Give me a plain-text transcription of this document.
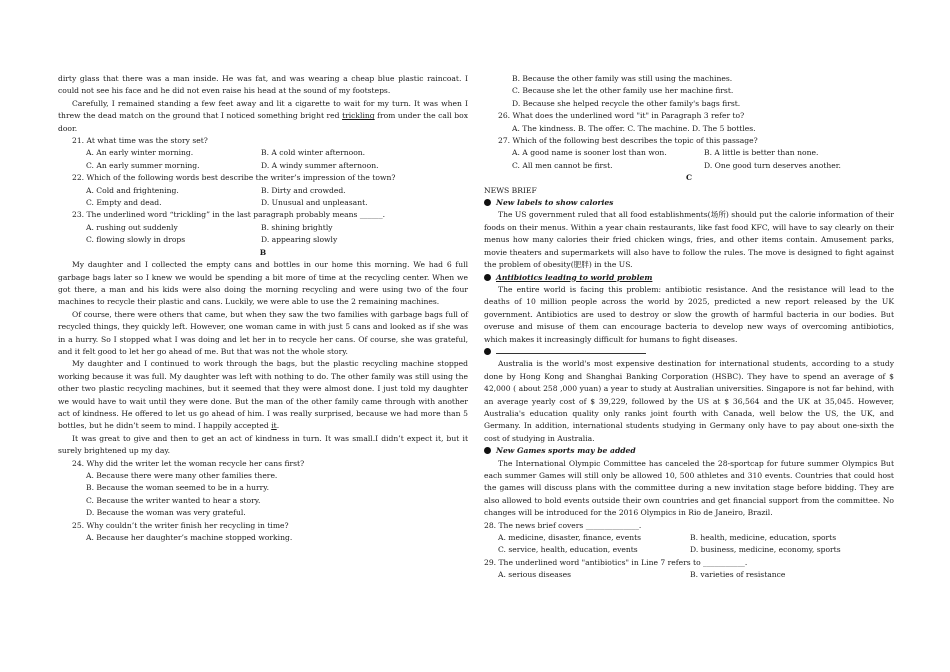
dirty glass that there was a man inside. He was fat, and was wearing a cheap blue plastic raincoat. I could not see his face and he did not even raise his head at the sound of my footsteps.

Carefully, I remained standing a few feet away and lit a cigarette to wait for my turn. It was when I threw the dead match on the ground that I noticed something bright red trickling from under the call box door.

21. At what time was the story set?

A. An early winter morning.	B. A cold winter afternoon.
C. An early summer morning.	D. A windy summer afternoon.

22. Which of the following words best describe the writer’s impression of the town?

A. Cold and frightening.	B. Dirty and crowded.
C. Empty and dead.	D. Unusual and unpleasant.

23. The underlined word “trickling” in the last paragraph probably means ______.

A. rushing out suddenly	B. shining brightly
C. flowing slowly in drops	D. appearing slowly

B

My daughter and I collected the empty cans and bottles in our home this morning. We had 6 full garbage bags later so I knew we would be spending a bit more of time at the recycling center. When we got there, a man and his kids were also doing the morning recycling and were using two of the four machines to recycle their plastic and cans. Luckily, we were able to use the 2 remaining machines.

Of course, there were others that came, but when they saw the two families with garbage bags full of recycled things, they quickly left. However, one woman came in with just 5 cans and looked as if she was in a hurry. So I stopped what I was doing and let her in to recycle her cans. Of course, she was grateful, and it felt good to let her go ahead of me. But that was not the whole story.

My daughter and I continued to work through the bags, but the plastic recycling machine stopped working because it was full. My daughter was left with nothing to do. The other family was still using the other two plastic recycling machines, but it seemed that they were almost done. I just told my daughter we would have to wait until they were done. But the man of the other family came through with another act of kindness. He offered to let us go ahead of him. I was really surprised, because we had more than 5 bottles, but he didn’t seem to mind. I happily accepted it.

It was great to give and then to get an act of kindness in turn. It was small.I didn’t expect it, but it surely brightened up my day.

24. Why did the writer let the woman recycle her cans first?

A. Because there were many other families there.

B. Because the woman seemed to be in a hurry.

C. Because the writer wanted to hear a story.

D. Because the woman was very grateful.

25. Why couldn’t the writer finish her recycling in time?

A. Because her daughter’s machine stopped working.

B. Because the other family was still using the machines.

C. Because she let the other family use her machine first.

D. Because she helped recycle the other family's bags first.

26. What does the underlined word "it" in Paragraph 3 refer to?

A. The kindness. B. The offer. C. The machine. D. The 5 bottles.

27. Which of the following best describes the topic of this passage?

A. A good name is sooner lost than won.	B. A little is better than none.
C. All men cannot be first.	D. One good turn deserves another.

C

NEWS BRIEF

New labels to show calories

The US government ruled that all food establishments(场所) should put the calorie information of their foods on their menus. Within a year chain restaurants, like fast food KFC, will have to say clearly on their menus how many calories their fried chicken wings, fries, and other items contain. Amusement parks, movie theaters and supermarkets will also have to follow the rules. The move is designed to fight against the problem of obesity(肥胖) in the US.

Antibiotics leading to world problem

The entire world is facing this problem: antibiotic resistance. And the resistance will lead to the deaths of 10 million people across the world by 2025, predicted a new report released by the UK government. Antibiotics are used to destroy or slow the growth of harmful bacteria in our bodies. But overuse and misuse of them can encourage bacteria to develop new ways of overcoming antibiotics, which makes it increasingly difficult for humans to fight diseases.

Australia is the world's most expensive destination for international students, according to a study done by Hong Kong and Shanghai Banking Corporation (HSBC). They have to spend an average of $ 42,000 ( about 258 ,000 yuan) a year to study at Australian universities. Singapore is not far behind, with an average yearly cost of $ 39,229, followed by the US at $ 36,564 and the UK at 35,045. However, Australia's education quality only ranks joint fourth with Canada, well below the US, the UK, and Germany. In addition, international students studying in Germany only have to pay about one-sixth the cost of studying in Australia.

New Games sports may be added

The International Olympic Committee has canceled the 28-sportcap for future summer Olympics But each summer Games will still only be allowed 10, 500 athletes and 310 events. Countries that could host the games will discuss plans with the committee during a new invitation stage before bidding. They are also allowed to bold events outside their own countries and get financial support from the committee. No changes will be introduced for the 2016 Olympics in Rio de Janeiro, Brazil.

28. The news brief covers ______________.

A. medicine, disaster, finance, events	B. health, medicine, education, sports
C. service, health, education, events	D. business, medicine, economy, sports

29. The underlined word "antibiotics" in Line 7 refers to ___________.

A. serious diseases	B. varieties of resistance
